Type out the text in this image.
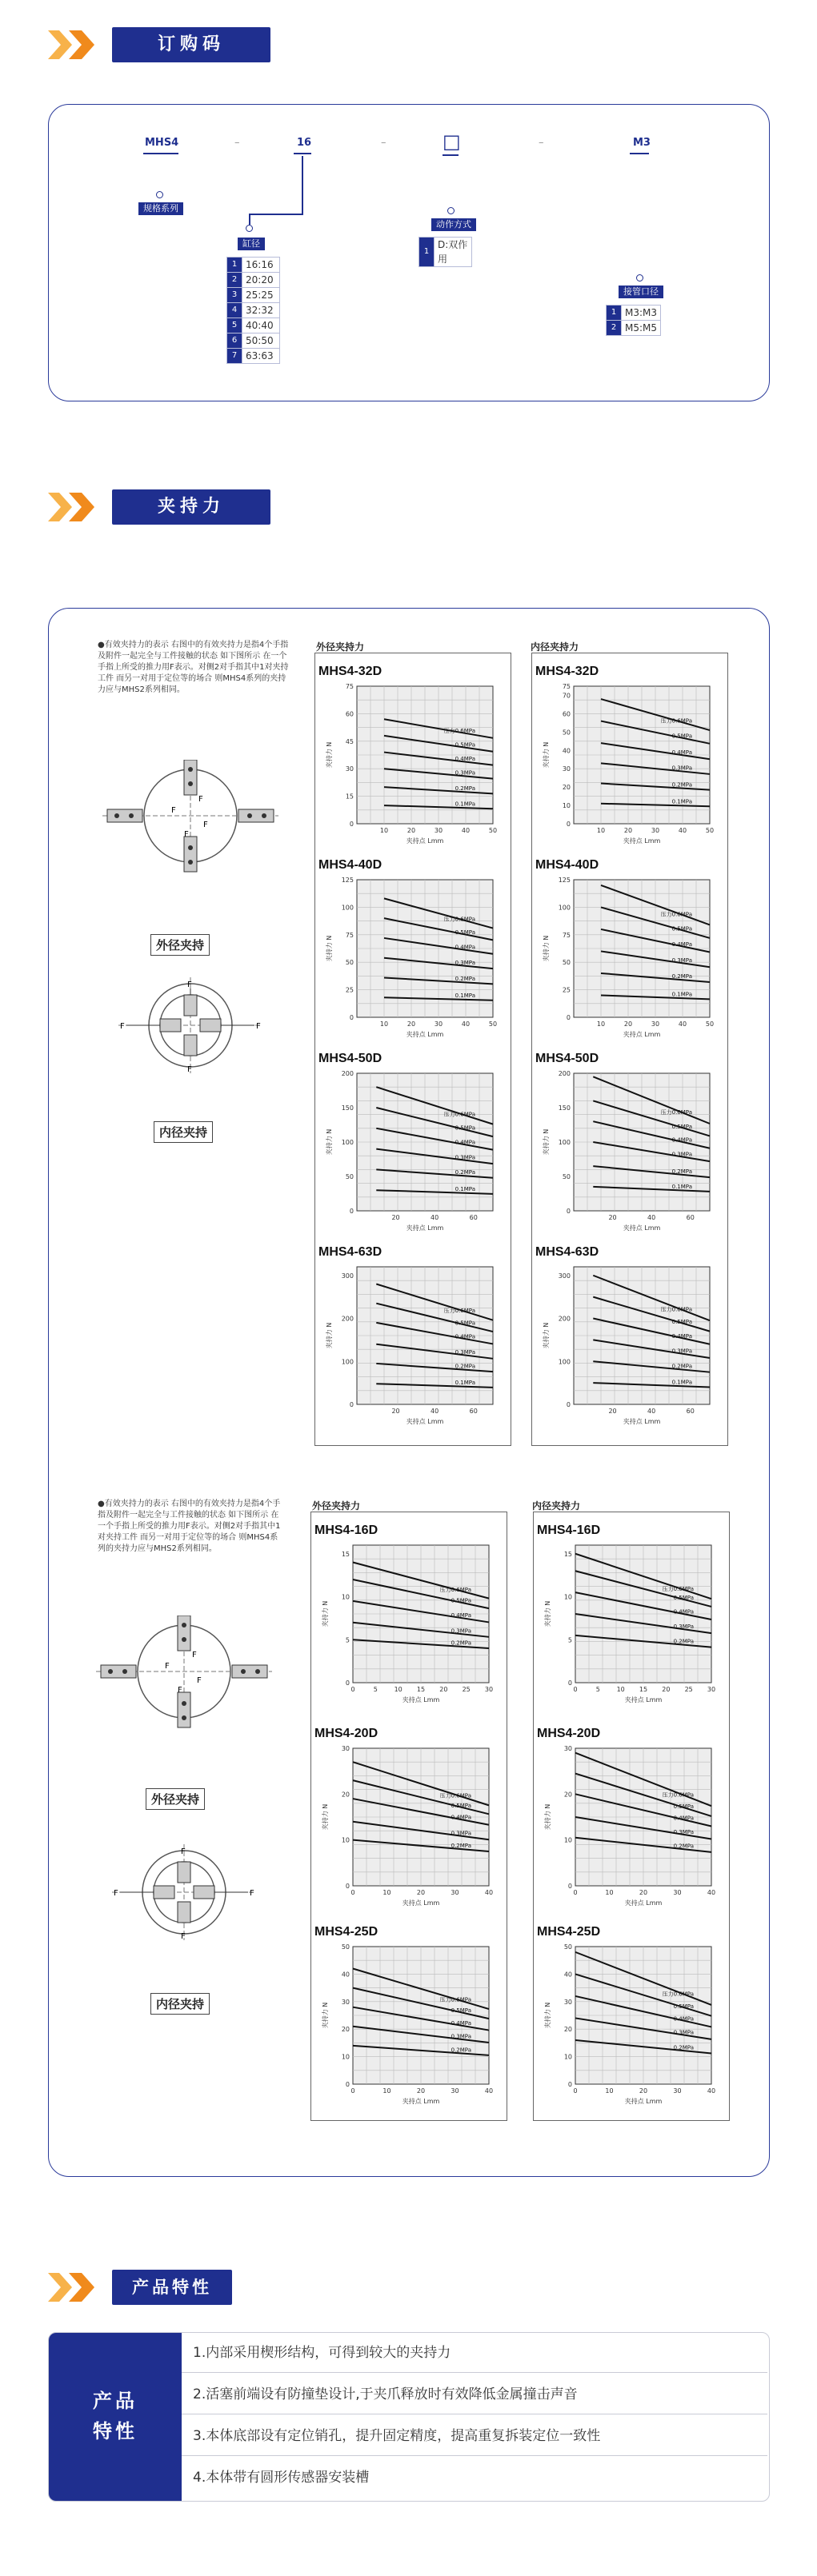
订购码
MHS4	–	16	–	□	–	M3
规格系列
缸径
1	16:16
2	20:20
3	25:25
4	32:32
5	40:40
6	50:50
7	63:63
动作方式
1	D:双作用
接管口径
1	M3:M3
2	M5:M5
夹持力
●有效夹持力的表示 右图中的有效夹持力是指4个手指及附件一起完全与工件接触的状态 如下图所示 在一个手指上所受的推力用F表示。对侧2对手指其中1对夹持工件 而另一对用于定位等的场合 则MHS4系列的夹持力应与MHS2系列相同。
●有效夹持力的表示 右图中的有效夹持力是指4个手指及附件一起完全与工件接触的状态 如下图所示 在一个手指上所受的推力用F表示。对侧2对手指其中1对夹持工件 而另一对用于定位等的场合 则MHS4系列的夹持力应与MHS2系列相同。
F
F
F
F
外径夹持
F
F
F	F
内径夹持
F
F
F
F
外径夹持
F
F
F	F
内径夹持
外径夹持力	内径夹持力
外径夹持力	内径夹持力
MHS4-32D
0
15
30
45
60
75
10	20	30	40	50
夹持力 N
夹持点 Lmm
压力0.6MPa
0.5MPa
0.4MPa
0.3MPa
0.2MPa
0.1MPa
MHS4-32D
0
10
20
30
40
50
60
70
75
10	20	30	40	50
夹持力 N
夹持点 Lmm
压力0.6MPa
0.5MPa
0.4MPa
0.3MPa
0.2MPa
0.1MPa
MHS4-40D
0
25
50
75
100
125
10	20	30	40	50
夹持力 N
夹持点 Lmm
压力0.6MPa
0.5MPa
0.4MPa
0.3MPa
0.2MPa
0.1MPa
MHS4-40D
0
25
50
75
100
125
10	20	30	40	50
夹持力 N
夹持点 Lmm
压力0.6MPa
0.5MPa
0.4MPa
0.3MPa
0.2MPa
0.1MPa
MHS4-50D
0
50
100
150
200
20	40	60
夹持力 N
夹持点 Lmm
压力0.6MPa
0.5MPa
0.4MPa
0.3MPa
0.2MPa
0.1MPa
MHS4-50D
0
50
100
150
200
20	40	60
夹持力 N
夹持点 Lmm
压力0.6MPa
0.5MPa
0.4MPa
0.3MPa
0.2MPa
0.1MPa
MHS4-63D
0
100
200
300
20	40	60
夹持力 N
夹持点 Lmm
压力0.6MPa
0.5MPa
0.4MPa
0.3MPa
0.2MPa
0.1MPa
MHS4-63D
0
100
200
300
20	40	60
夹持力 N
夹持点 Lmm
压力0.6MPa
0.5MPa
0.4MPa
0.3MPa
0.2MPa
0.1MPa
MHS4-16D
0
5
10
15
0	5	10 15 20 25 30
夹持力 N
夹持点 Lmm
压力0.6MPa
0.5MPa
0.4MPa
0.3MPa
0.2MPa
MHS4-16D
0
5
10
15
0	5	10 15 20 25 30
夹持力 N
夹持点 Lmm
压力0.6MPa
0.5MPa
0.4MPa
0.3MPa
0.2MPa
MHS4-20D
0
10
20
30
0	10	20	30	40
夹持力 N
夹持点 Lmm
压力0.6MPa
0.5MPa
0.4MPa
0.3MPa
0.2MPa
MHS4-20D
0
10
20
30
0	10	20	30	40
夹持力 N
夹持点 Lmm
压力0.6MPa
0.5MPa
0.4MPa
0.3MPa
0.2MPa
MHS4-25D
0
10
20
30
40
50
0	10	20	30	40
夹持力 N
夹持点 Lmm
压力0.6MPa
0.5MPa
0.4MPa
0.3MPa
0.2MPa
MHS4-25D
0
10
20
30
40
50
0	10	20	30	40
夹持力 N
夹持点 Lmm
压力0.6MPa
0.5MPa
0.4MPa
0.3MPa
0.2MPa
产品特性
产品
特性
1.内部采用楔形结构，可得到较大的夹持力
2.活塞前端设有防撞垫设计,于夹爪释放时有效降低金属撞击声音
3.本体底部设有定位销孔，提升固定精度，提高重复拆装定位一致性
4.本体带有圆形传感器安装槽
